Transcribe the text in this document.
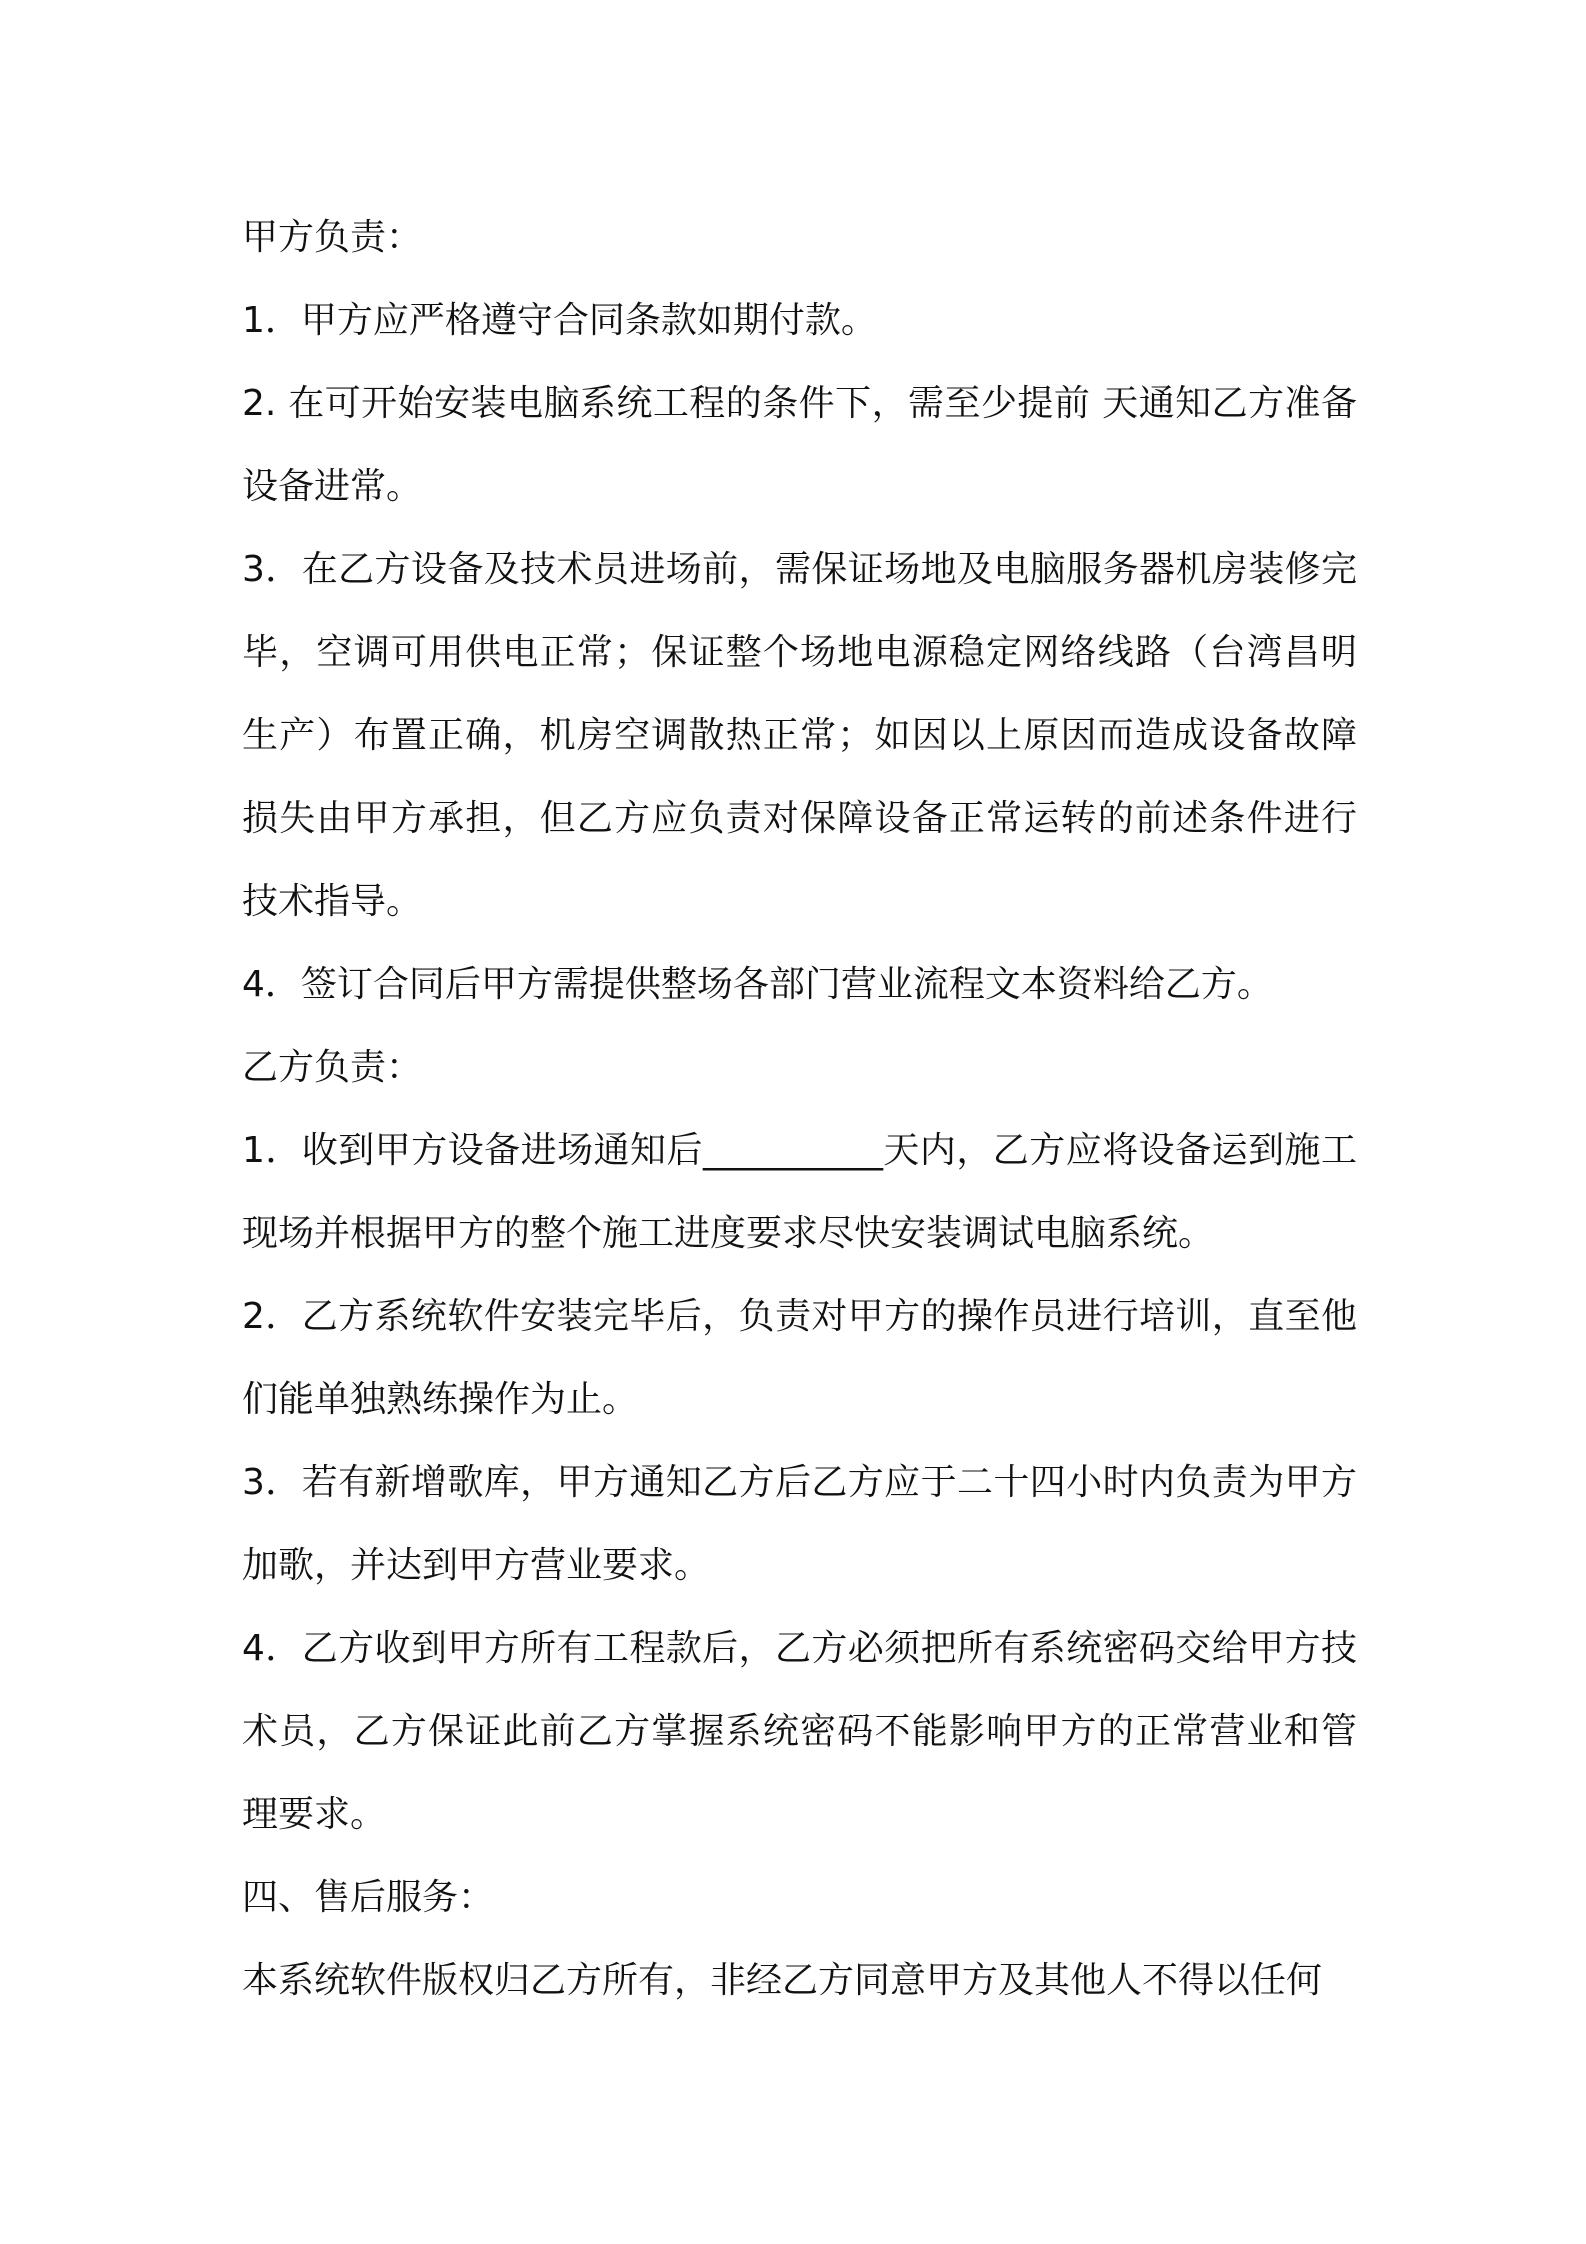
甲方负责：

1．甲方应严格遵守合同条款如期付款。

2. 在可开始安装电脑系统工程的条件下，需至少提前 天通知乙方准备设备进常。

3．在乙方设备及技术员进场前，需保证场地及电脑服务器机房装修完毕，空调可用供电正常；保证整个场地电源稳定网络线路（台湾昌明生产）布置正确，机房空调散热正常；如因以上原因而造成设备故障损失由甲方承担，但乙方应负责对保障设备正常运转的前述条件进行技术指导。

4．签订合同后甲方需提供整场各部门营业流程文本资料给乙方。

乙方负责：

1．收到甲方设备进场通知后__________天内，乙方应将设备运到施工现场并根据甲方的整个施工进度要求尽快安装调试电脑系统。

2．乙方系统软件安装完毕后，负责对甲方的操作员进行培训，直至他们能单独熟练操作为止。

3．若有新增歌库，甲方通知乙方后乙方应于二十四小时内负责为甲方加歌，并达到甲方营业要求。

4．乙方收到甲方所有工程款后，乙方必须把所有系统密码交给甲方技术员，乙方保证此前乙方掌握系统密码不能影响甲方的正常营业和管理要求。

四、售后服务：

本系统软件版权归乙方所有，非经乙方同意甲方及其他人不得以任何
